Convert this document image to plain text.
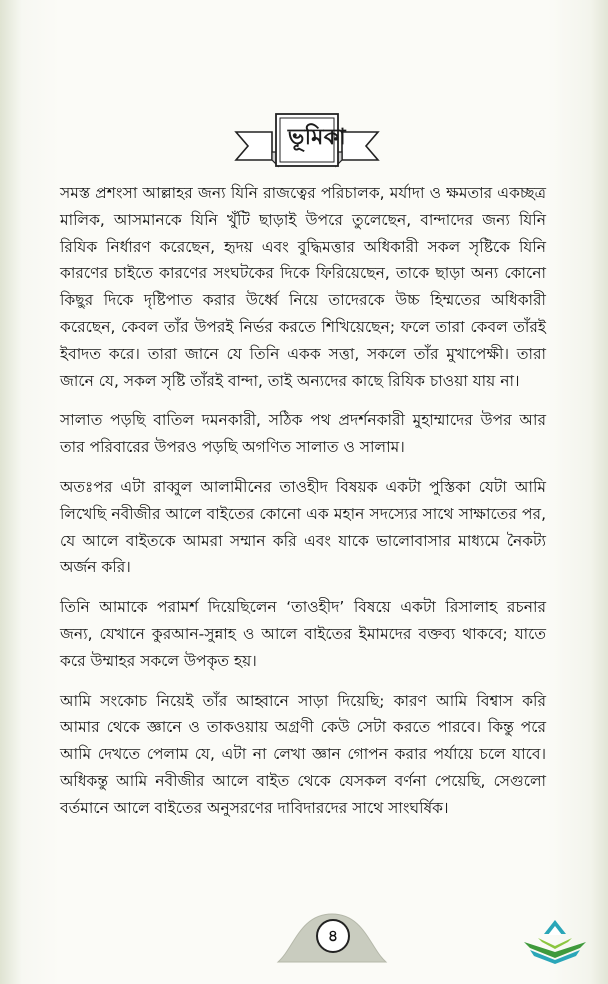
ভূমিকা

সমস্ত প্রশংসা আল্লাহর জন্য যিনি রাজত্বের পরিচালক, মর্যাদা ও ক্ষমতার একচ্ছত্র মালিক, আসমানকে যিনি খুঁটি ছাড়াই উপরে তুলেছেন, বান্দাদের জন্য যিনি রিযিক নির্ধারণ করেছেন, হৃদয় এবং বুদ্ধিমত্তার অধিকারী সকল সৃষ্টিকে যিনি কারণের চাইতে কারণের সংঘটকের দিকে ফিরিয়েছেন, তাকে ছাড়া অন্য কোনো কিছুর দিকে দৃষ্টিপাত করার উর্ধ্বে নিয়ে তাদেরকে উচ্চ হিম্মতের অধিকারী করেছেন, কেবল তাঁর উপরই নির্ভর করতে শিখিয়েছেন; ফলে তারা কেবল তাঁরই ইবাদত করে। তারা জানে যে তিনি একক সত্তা, সকলে তাঁর মুখাপেক্ষী। তারা জানে যে, সকল সৃষ্টি তাঁরই বান্দা, তাই অন্যদের কাছে রিযিক চাওয়া যায় না।

সালাত পড়ছি বাতিল দমনকারী, সঠিক পথ প্রদর্শনকারী মুহাম্মাদের উপর আর তার পরিবারের উপরও পড়ছি অগণিত সালাত ও সালাম।

অতঃপর এটা রাব্বুল আলামীনের তাওহীদ বিষয়ক একটা পুস্তিকা যেটা আমি লিখেছি নবীজীর আলে বাইতের কোনো এক মহান সদস্যের সাথে সাক্ষাতের পর, যে আলে বাইতকে আমরা সম্মান করি এবং যাকে ভালোবাসার মাধ্যমে নৈকট্য অর্জন করি।

তিনি আমাকে পরামর্শ দিয়েছিলেন ‘তাওহীদ’ বিষয়ে একটা রিসালাহ রচনার জন্য, যেখানে কুরআন-সুন্নাহ ও আলে বাইতের ইমামদের বক্তব্য থাকবে; যাতে করে উম্মাহর সকলে উপকৃত হয়।

আমি সংকোচ নিয়েই তাঁর আহ্বানে সাড়া দিয়েছি; কারণ আমি বিশ্বাস করি আমার থেকে জ্ঞানে ও তাকওয়ায় অগ্রণী কেউ সেটা করতে পারবে। কিন্তু পরে আমি দেখতে পেলাম যে, এটা না লেখা জ্ঞান গোপন করার পর্যায়ে চলে যাবে। অধিকন্তু আমি নবীজীর আলে বাইত থেকে যেসকল বর্ণনা পেয়েছি, সেগুলো বর্তমানে আলে বাইতের অনুসরণের দাবিদারদের সাথে সাংঘর্ষিক।

৪
